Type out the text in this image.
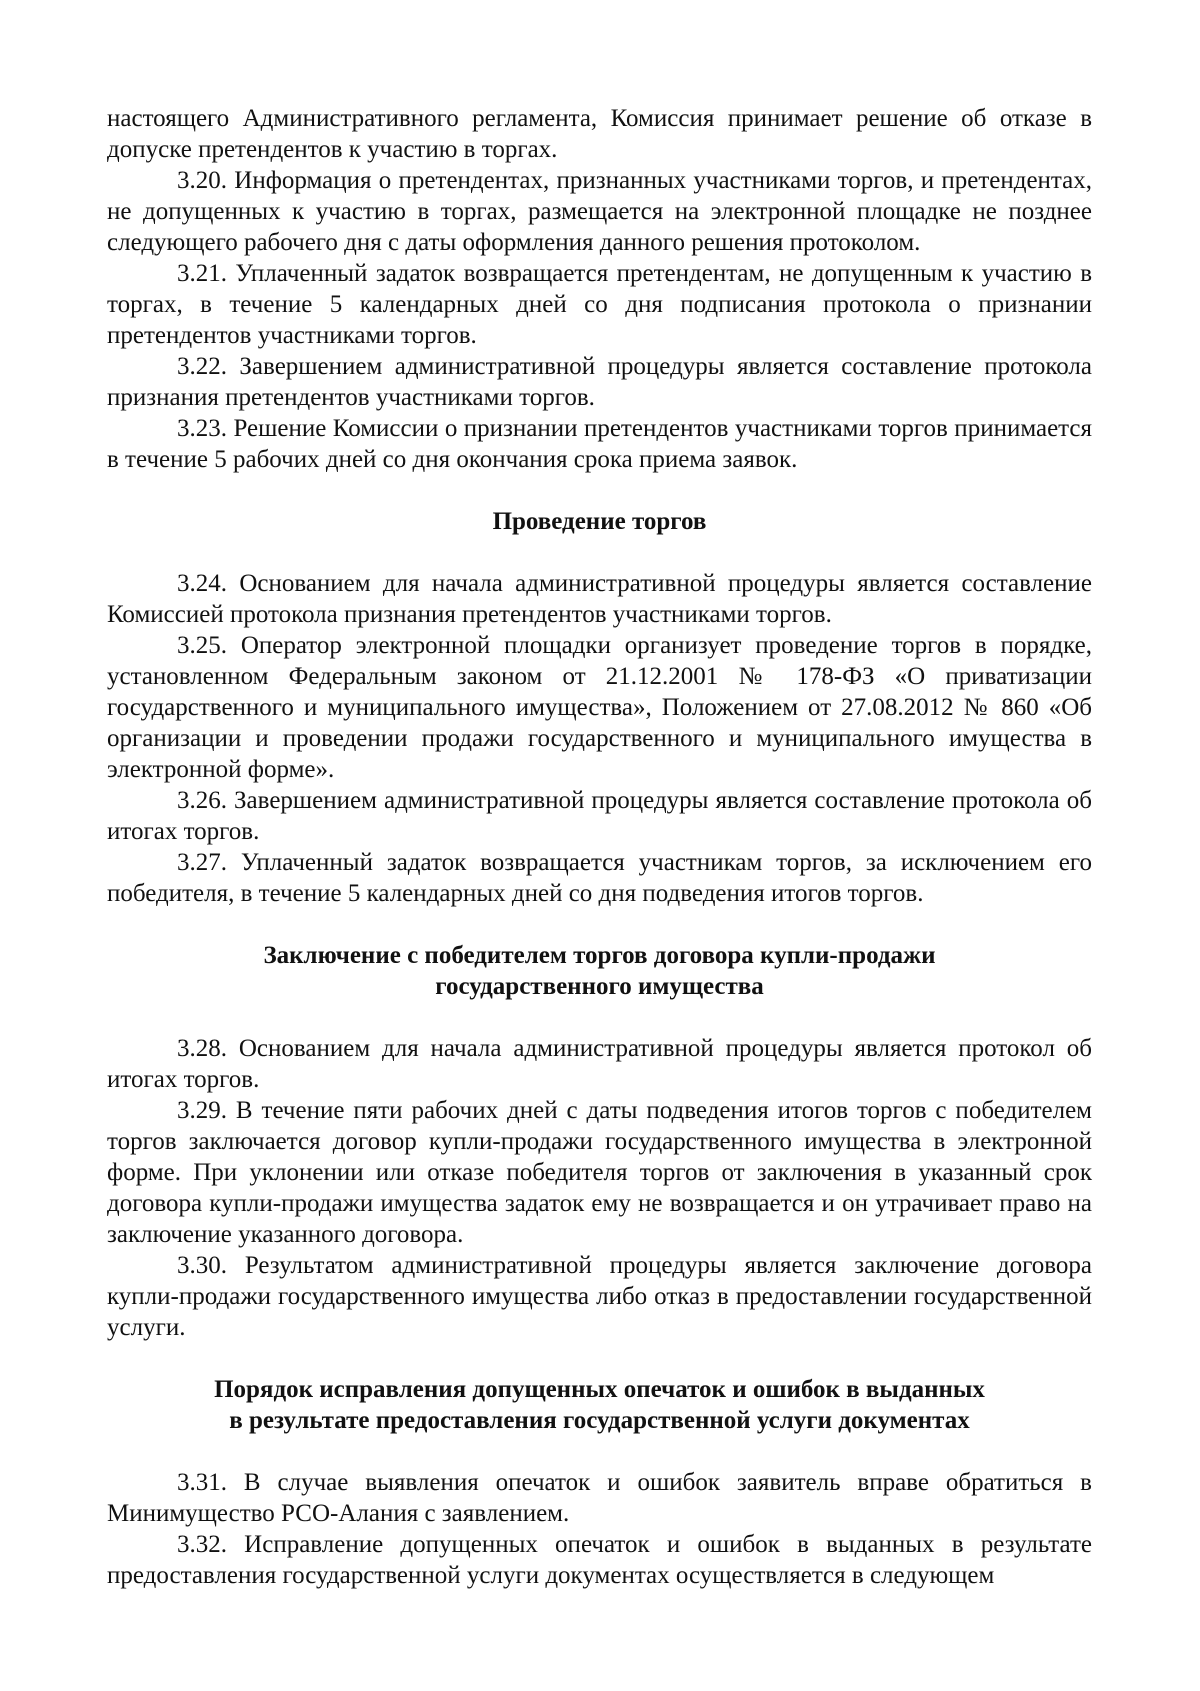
настоящего Административного регламента, Комиссия принимает решение об отказе в допуске претендентов к участию в торгах.

3.20. Информация о претендентах, признанных участниками торгов, и претендентах, не допущенных к участию в торгах, размещается на электронной площадке не позднее следующего рабочего дня с даты оформления данного решения протоколом.

3.21. Уплаченный задаток возвращается претендентам, не допущенным к участию в торгах, в течение 5 календарных дней со дня подписания протокола о признании претендентов участниками торгов.

3.22. Завершением административной процедуры является составление протокола признания претендентов участниками торгов.

3.23. Решение Комиссии о признании претендентов участниками торгов принимается в течение 5 рабочих дней со дня окончания срока приема заявок.

Проведение торгов

3.24. Основанием для начала административной процедуры является составление Комиссией протокола признания претендентов участниками торгов.

3.25. Оператор электронной площадки организует проведение торгов в порядке, установленном Федеральным законом от 21.12.2001 № 178-ФЗ «О приватизации государственного и муниципального имущества», Положением от 27.08.2012 № 860 «Об организации и проведении продажи государственного и муниципального имущества в электронной форме».

3.26. Завершением административной процедуры является составление протокола об итогах торгов.

3.27. Уплаченный задаток возвращается участникам торгов, за исключением его победителя, в течение 5 календарных дней со дня подведения итогов торгов.

Заключение с победителем торгов договора купли-продажи

государственного имущества

3.28. Основанием для начала административной процедуры является протокол об итогах торгов.

3.29. В течение пяти рабочих дней с даты подведения итогов торгов с победителем торгов заключается договор купли-продажи государственного имущества в электронной форме. При уклонении или отказе победителя торгов от заключения в указанный срок договора купли-продажи имущества задаток ему не возвращается и он утрачивает право на заключение указанного договора.

3.30. Результатом административной процедуры является заключение договора купли-продажи государственного имущества либо отказ в предоставлении государственной услуги.

Порядок исправления допущенных опечаток и ошибок в выданных

в результате предоставления государственной услуги документах

3.31. В случае выявления опечаток и ошибок заявитель вправе обратиться в Минимущество РСО-Алания с заявлением.

3.32. Исправление допущенных опечаток и ошибок в выданных в результате предоставления государственной услуги документах осуществляется в следующем
